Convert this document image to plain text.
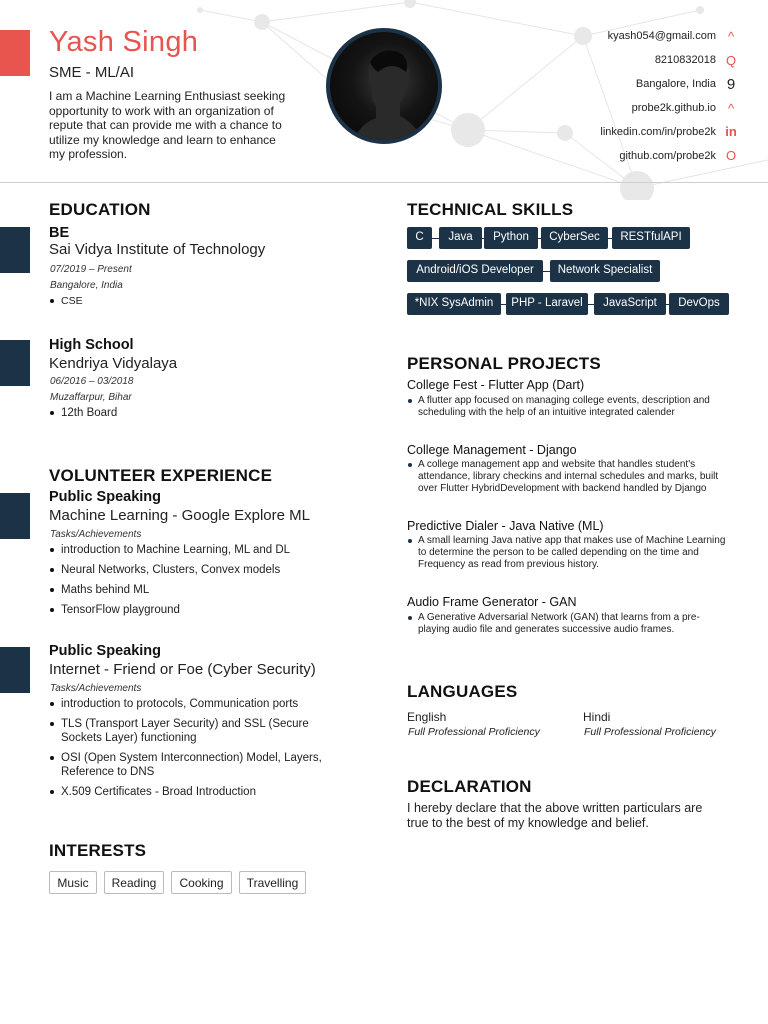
Yash Singh
SME - ML/AI
I am a Machine Learning Enthusiast seeking opportunity to work with an organization of repute that can provide me with a chance to utilize my knowledge and learn to enhance my profession.
kyash054@gmail.com ^
8210832018 Q
Bangalore, India 9
probe2k.github.io ^
linkedin.com/in/probe2k in
github.com/probe2k O
EDUCATION
BE
Sai Vidya Institute of Technology
07/2019 – Present
Bangalore, India
CSE
High School
Kendriya Vidyalaya
06/2016 – 03/2018
Muzaffarpur, Bihar
12th Board
VOLUNTEER EXPERIENCE
Public Speaking
Machine Learning - Google Explore ML
Tasks/Achievements
introduction to Machine Learning, ML and DL
Neural Networks, Clusters, Convex models
Maths behind ML
TensorFlow playground
Public Speaking
Internet - Friend or Foe (Cyber Security)
Tasks/Achievements
introduction to protocols, Communication ports
TLS (Transport Layer Security) and SSL (Secure Sockets Layer) functioning
OSI (Open System Interconnection) Model, Layers, Reference to DNS
X.509 Certificates - Broad Introduction
INTERESTS
Music	Reading	Cooking	Travelling
TECHNICAL SKILLS
C	Java	Python	CyberSec	RESTfulAPI
Android/iOS Developer	Network Specialist
*NIX SysAdmin	PHP - Laravel	JavaScript	DevOps
PERSONAL PROJECTS
College Fest - Flutter App (Dart)
A flutter app focused on managing college events, description and scheduling with the help of an intuitive integrated calender
College Management - Django
A college management app and website that handles student's attendance, library checkins and internal schedules and marks, built over Flutter HybridDevelopment with backend handled by Django
Predictive Dialer - Java Native (ML)
A small learning Java native app that makes use of Machine Learning to determine the person to be called depending on the time and Frequency as read from previous history.
Audio Frame Generator - GAN
A Generative Adversarial Network (GAN) that learns from a pre-playing audio file and generates successive audio frames.
LANGUAGES
English
Full Professional Proficiency
Hindi
Full Professional Proficiency
DECLARATION
I hereby declare that the above written particulars are true to the best of my knowledge and belief.
